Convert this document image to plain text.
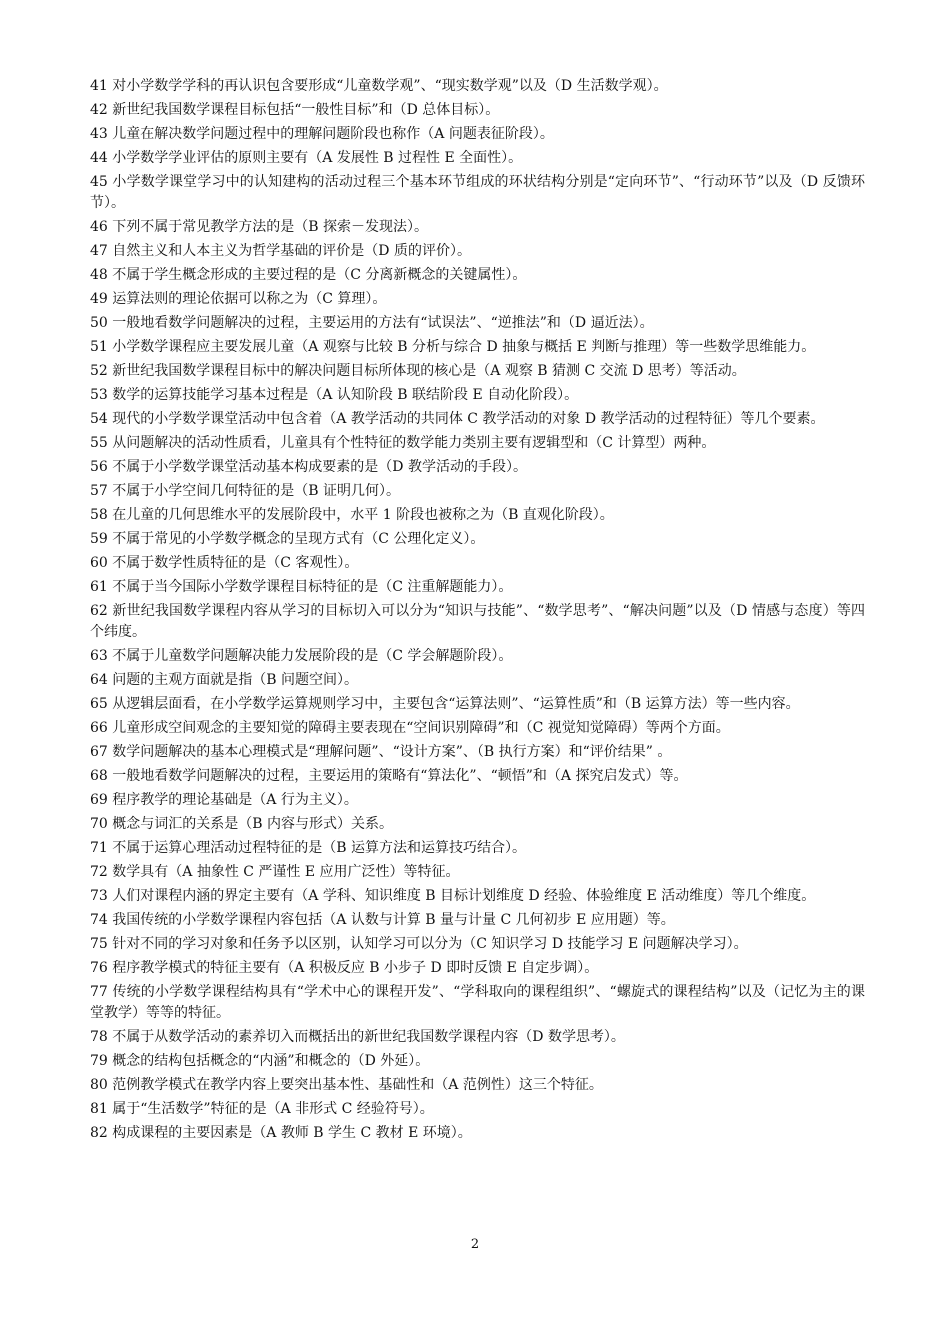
41 对小学数学学科的再认识包含要形成“儿童数学观”、“现实数学观”以及（D 生活数学观）。

42 新世纪我国数学课程目标包括“一般性目标”和（D 总体目标）。

43 儿童在解决数学问题过程中的理解问题阶段也称作（A 问题表征阶段）。

44 小学数学学业评估的原则主要有（A 发展性 B 过程性 E 全面性）。

45 小学数学课堂学习中的认知建构的活动过程三个基本环节组成的环状结构分别是“定向环节”、“行动环节”以及（D 反馈环节）。

46 下列不属于常见教学方法的是（B 探索－发现法）。

47 自然主义和人本主义为哲学基础的评价是（D 质的评价）。

48 不属于学生概念形成的主要过程的是（C 分离新概念的关键属性）。

49 运算法则的理论依据可以称之为（C 算理）。

50 一般地看数学问题解决的过程，主要运用的方法有“试误法”、“逆推法”和（D 逼近法）。

51 小学数学课程应主要发展儿童（A 观察与比较 B 分析与综合 D 抽象与概括 E 判断与推理）等一些数学思维能力。

52 新世纪我国数学课程目标中的解决问题目标所体现的核心是（A 观察 B 猜测 C 交流 D 思考）等活动。

53 数学的运算技能学习基本过程是（A 认知阶段 B 联结阶段 E 自动化阶段）。

54 现代的小学数学课堂活动中包含着（A 教学活动的共同体 C 教学活动的对象 D 教学活动的过程特征）等几个要素。

55 从问题解决的活动性质看，儿童具有个性特征的数学能力类别主要有逻辑型和（C 计算型）两种。

56 不属于小学数学课堂活动基本构成要素的是（D 教学活动的手段）。

57 不属于小学空间几何特征的是（B 证明几何）。

58 在儿童的几何思维水平的发展阶段中，水平 1 阶段也被称之为（B 直观化阶段）。

59 不属于常见的小学数学概念的呈现方式有（C 公理化定义）。

60 不属于数学性质特征的是（C 客观性）。

61 不属于当今国际小学数学课程目标特征的是（C 注重解题能力）。

62 新世纪我国数学课程内容从学习的目标切入可以分为“知识与技能”、“数学思考”、“解决问题”以及（D 情感与态度）等四个纬度。

63 不属于儿童数学问题解决能力发展阶段的是（C 学会解题阶段）。

64 问题的主观方面就是指（B 问题空间）。

65 从逻辑层面看，在小学数学运算规则学习中，主要包含“运算法则”、“运算性质”和（B 运算方法）等一些内容。

66 儿童形成空间观念的主要知觉的障碍主要表现在“空间识别障碍”和（C 视觉知觉障碍）等两个方面。

67 数学问题解决的基本心理模式是“理解问题”、“设计方案”、（B 执行方案）和“评价结果” 。

68 一般地看数学问题解决的过程，主要运用的策略有“算法化”、“顿悟”和（A 探究启发式）等。

69 程序教学的理论基础是（A 行为主义）。

70 概念与词汇的关系是（B 内容与形式）关系。

71 不属于运算心理活动过程特征的是（B 运算方法和运算技巧结合）。

72 数学具有（A 抽象性 C 严谨性 E 应用广泛性）等特征。

73 人们对课程内涵的界定主要有（A 学科、知识维度 B 目标计划维度 D 经验、体验维度 E 活动维度）等几个维度。

74 我国传统的小学数学课程内容包括（A 认数与计算 B 量与计量 C 几何初步 E 应用题）等。

75 针对不同的学习对象和任务予以区别，认知学习可以分为（C 知识学习 D 技能学习 E 问题解决学习）。

76 程序教学模式的特征主要有（A 积极反应 B 小步子 D 即时反馈 E 自定步调）。

77 传统的小学数学课程结构具有“学术中心的课程开发”、“学科取向的课程组织”、“螺旋式的课程结构”以及（记忆为主的课堂教学）等等的特征。

78 不属于从数学活动的素养切入而概括出的新世纪我国数学课程内容（D 数学思考）。

79 概念的结构包括概念的“内涵”和概念的（D 外延）。

80 范例教学模式在教学内容上要突出基本性、基础性和（A 范例性）这三个特征。

81 属于“生活数学”特征的是（A 非形式 C 经验符号）。

82 构成课程的主要因素是（A 教师 B 学生 C 教材 E 环境）。

2
